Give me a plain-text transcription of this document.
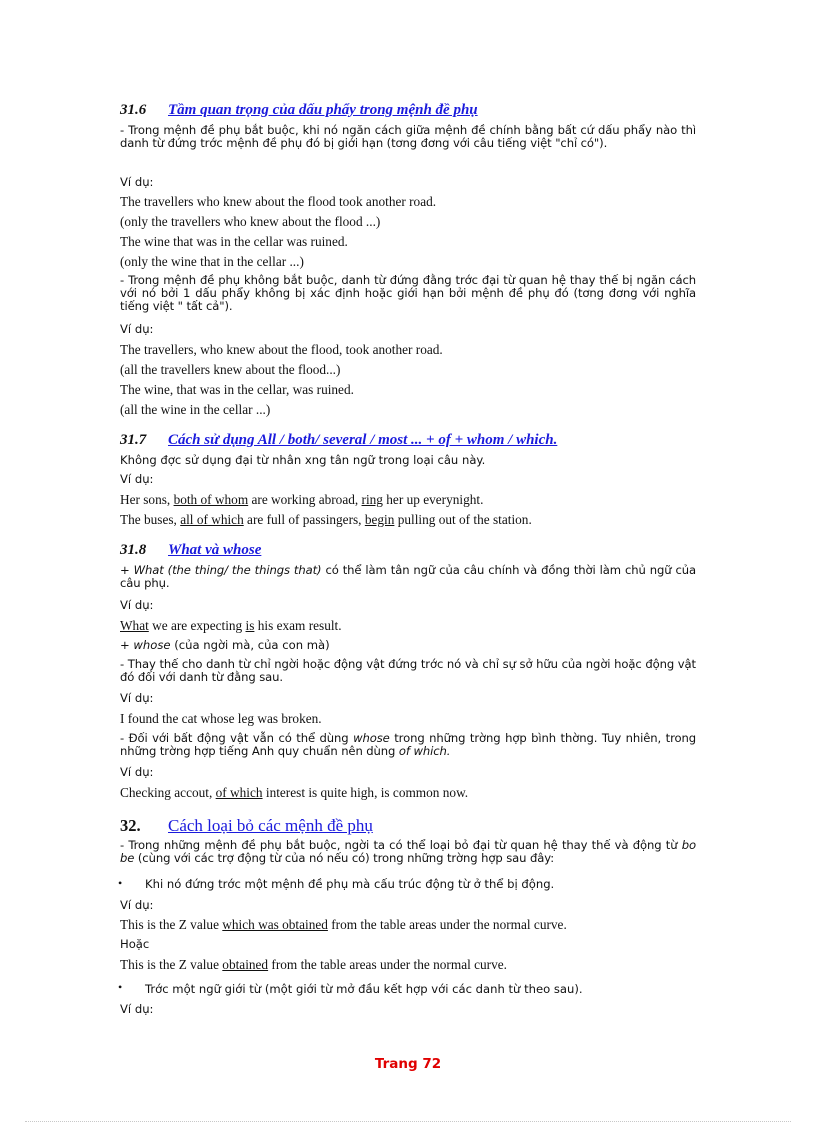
31.6 Tầm quan trọng của dấu phẩy trong mệnh đề phụ
- Trong mệnh đề phụ bắt buộc, khi nó ngăn cách giữa mệnh đề chính bằng bất cứ dấu phẩy nào thì danh từ đứng trớc mệnh đề phụ đó bị giới hạn (tơng đơng với câu tiếng việt "chỉ có").
Ví dụ:
The travellers who knew about the flood took another road.
(only the travellers who knew about the flood ...)
The wine that was in the cellar was ruined.
(only the wine that in the cellar ...)
- Trong mệnh đề phụ không bắt buộc, danh từ đứng đằng trớc đại từ quan hệ thay thế bị ngăn cách với nó bởi 1 dấu phẩy không bị xác định hoặc giới hạn bởi mệnh đề phụ đó (tơng đơng với nghĩa tiếng việt " tất cả").
Ví dụ:
The travellers, who knew about the flood, took another road.
(all the travellers knew about the flood...)
The wine, that was in the cellar, was ruined.
(all the wine in the cellar ...)
31.7 Cách sử dụng All / both/ several / most ... + of + whom / which.
Không đợc sử dụng đại từ nhân xng tân ngữ trong loại câu này.
Ví dụ:
Her sons, both of whom are working abroad, ring her up everynight.
The buses, all of which are full of passingers, begin pulling out of the station.
31.8 What và whose
+ What (the thing/ the things that) có thể làm tân ngữ của câu chính và đồng thời làm chủ ngữ của câu phụ.
Ví dụ:
What we are expecting is his exam result.
+ whose (của ngời mà, của con mà)
- Thay thế cho danh từ chỉ ngời hoặc động vật đứng trớc nó và chỉ sự sở hữu của ngời hoặc động vật đó đối với danh từ đằng sau.
Ví dụ:
I found the cat whose leg was broken.
- Đối với bất động vật vẫn có thể dùng whose trong những trờng hợp bình thờng. Tuy nhiên, trong những trờng hợp tiếng Anh quy chuẩn nên dùng of which.
Ví dụ:
Checking accout, of which interest is quite high, is common now.
32. Cách loại bỏ các mệnh đề phụ
- Trong những mệnh đề phụ bắt buộc, ngời ta có thể loại bỏ đại từ quan hệ thay thế và động từ bo be (cùng với các trợ động từ của nó nếu có) trong những trờng hợp sau đây:
• Khi nó đứng trớc một mệnh đề phụ mà cấu trúc động từ ở thể bị động.
Ví dụ:
This is the Z value which was obtained from the table areas under the normal curve.
Hoặc
This is the Z value obtained from the table areas under the normal curve.
• Trớc một ngữ giới từ (một giới từ mở đầu kết hợp với các danh từ theo sau).
Ví dụ:
Trang 72
